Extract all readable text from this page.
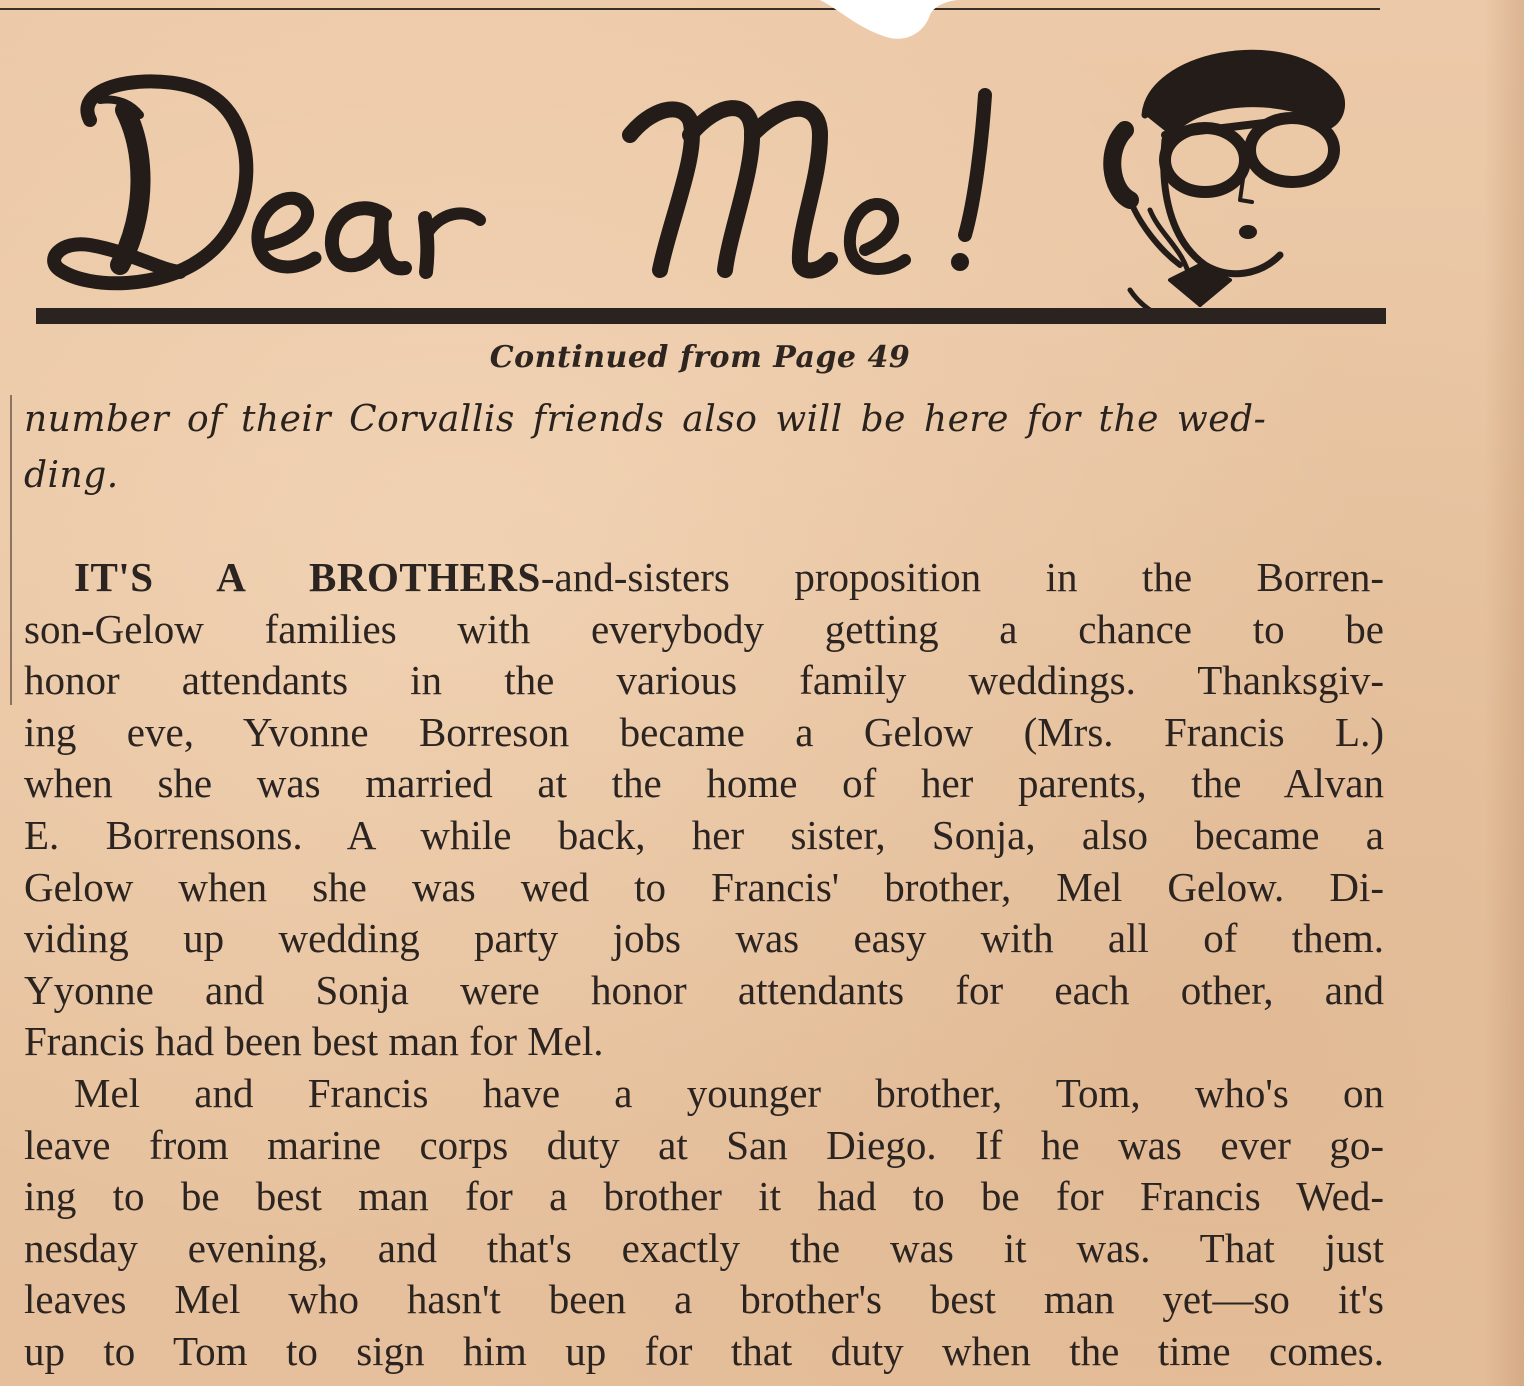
Continued from Page 49
number of their Corvallis friends also will be here for the wed-
ding.
IT'S A BROTHERS-and-sisters proposition in the Borren-
son-Gelow families with everybody getting a chance to be
honor attendants in the various family weddings. Thanksgiv-
ing eve, Yvonne Borreson became a Gelow (Mrs. Francis L.)
when she was married at the home of her parents, the Alvan
E. Borrensons. A while back, her sister, Sonja, also became a
Gelow when she was wed to Francis' brother, Mel Gelow. Di-
viding up wedding party jobs was easy with all of them.
Yyonne and Sonja were honor attendants for each other, and
Francis had been best man for Mel.
Mel and Francis have a younger brother, Tom, who's on
leave from marine corps duty at San Diego. If he was ever go-
ing to be best man for a brother it had to be for Francis Wed-
nesday evening, and that's exactly the was it was. That just
leaves Mel who hasn't been a brother's best man yet—so it's
up to Tom to sign him up for that duty when the time comes.
